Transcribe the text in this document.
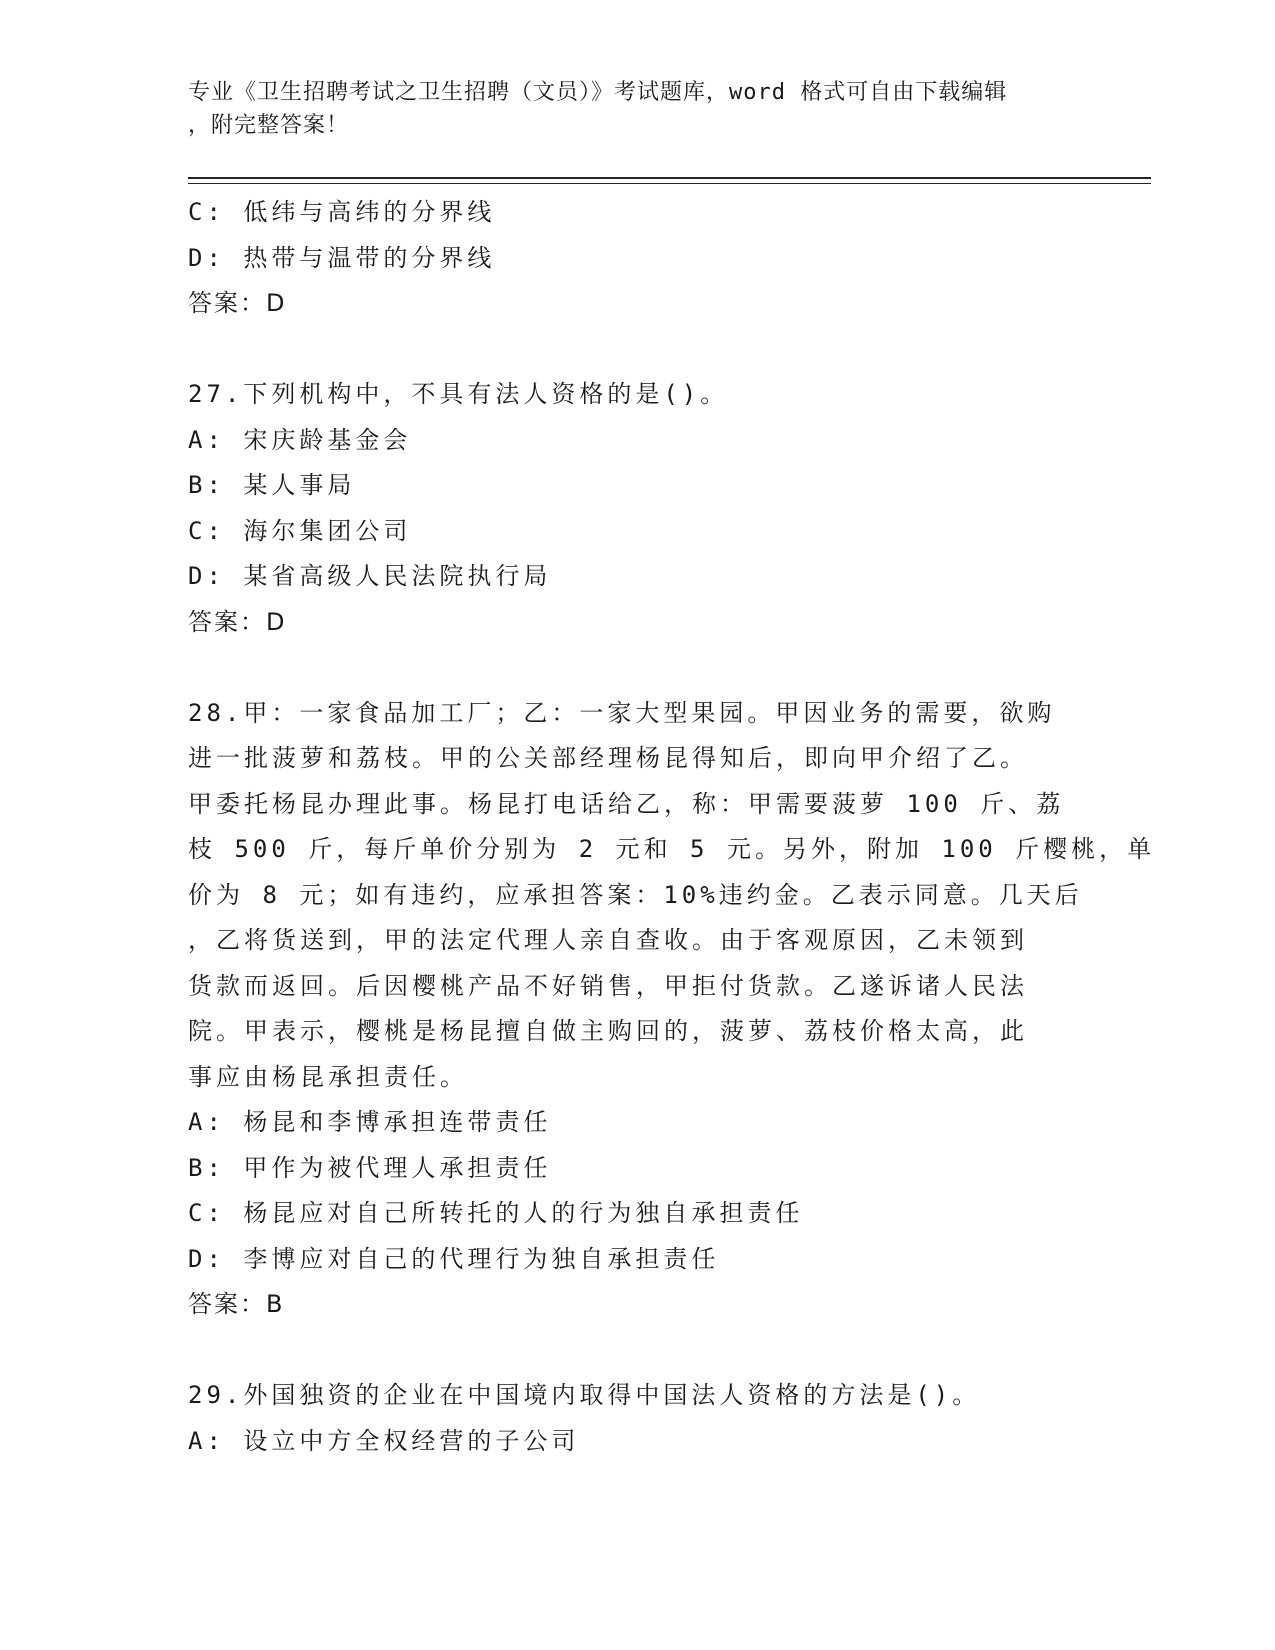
专业《卫生招聘考试之卫生招聘（文员）》考试题库，word 格式可自由下载编辑
，附完整答案！
C: 低纬与高纬的分界线
D: 热带与温带的分界线
答案：D
27.下列机构中，不具有法人资格的是()。
A: 宋庆龄基金会
B: 某人事局
C: 海尔集团公司
D: 某省高级人民法院执行局
答案：D
28.甲：一家食品加工厂；乙：一家大型果园。甲因业务的需要，欲购
进一批菠萝和荔枝。甲的公关部经理杨昆得知后，即向甲介绍了乙。
甲委托杨昆办理此事。杨昆打电话给乙，称：甲需要菠萝 100 斤、荔
枝 500 斤，每斤单价分别为 2 元和 5 元。另外，附加 100 斤樱桃，单
价为 8 元；如有违约，应承担答案：10%违约金。乙表示同意。几天后
，乙将货送到，甲的法定代理人亲自查收。由于客观原因，乙未领到
货款而返回。后因樱桃产品不好销售，甲拒付货款。乙遂诉诸人民法
院。甲表示，樱桃是杨昆擅自做主购回的，菠萝、荔枝价格太高，此
事应由杨昆承担责任。
A: 杨昆和李博承担连带责任
B: 甲作为被代理人承担责任
C: 杨昆应对自己所转托的人的行为独自承担责任
D: 李博应对自己的代理行为独自承担责任
答案：B
29.外国独资的企业在中国境内取得中国法人资格的方法是()。
A: 设立中方全权经营的子公司
